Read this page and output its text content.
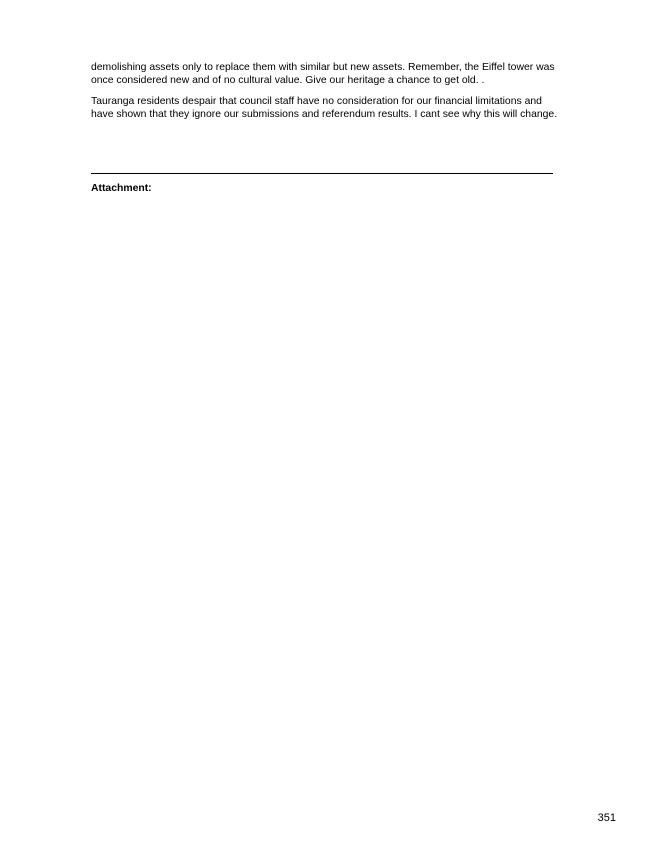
demolishing assets only to replace them with similar but new assets. Remember, the Eiffel tower was once considered new and of no cultural value. Give our heritage a chance to get old. .

Tauranga residents despair that council staff have no consideration for our financial limitations and have shown that they ignore our submissions and referendum results. I cant see why this will change.

Attachment:

351
